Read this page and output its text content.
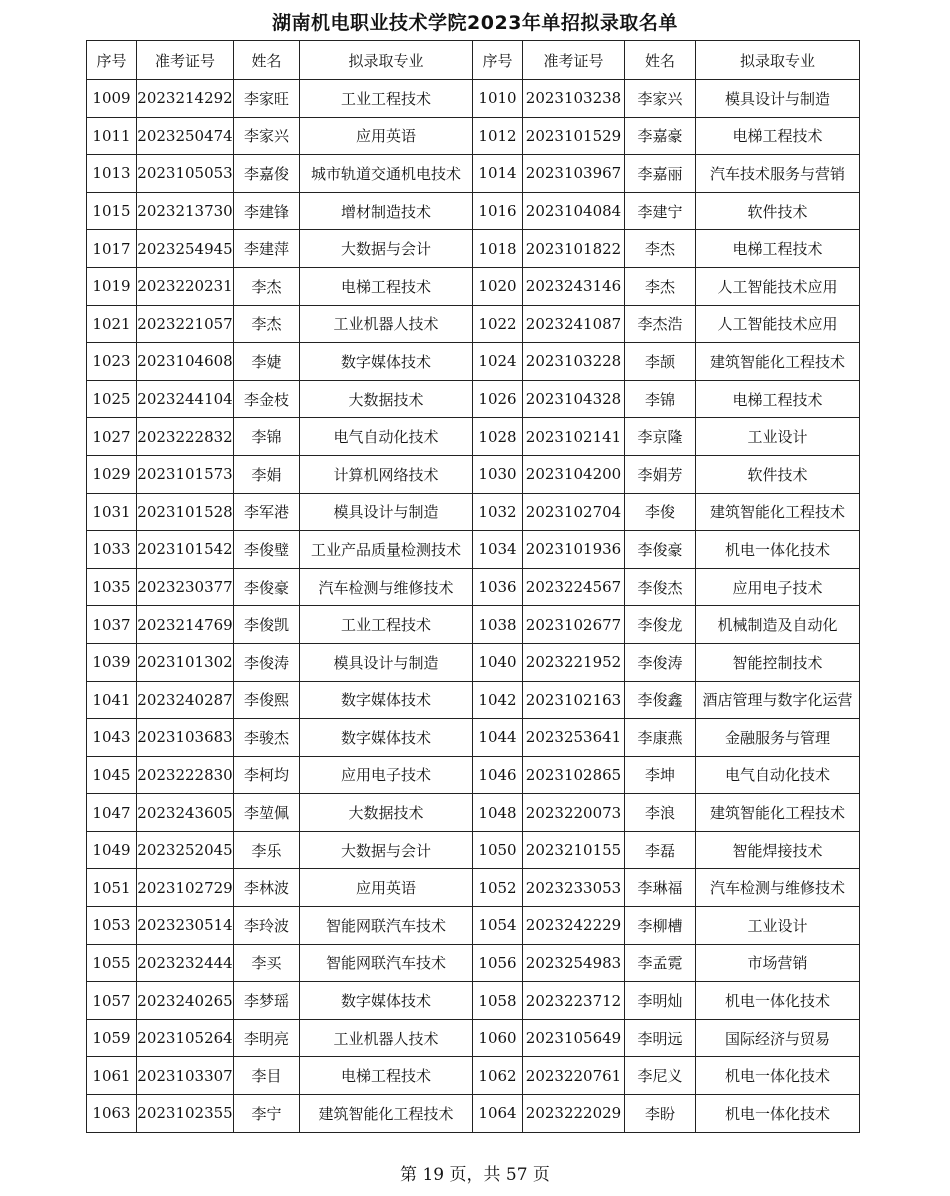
湖南机电职业技术学院2023年单招拟录取名单
序号	准考证号	姓名	拟录取专业	序号	准考证号	姓名	拟录取专业
1009	2023214292	李家旺	工业工程技术	1010	2023103238	李家兴	模具设计与制造
1011	2023250474	李家兴	应用英语	1012	2023101529	李嘉豪	电梯工程技术
1013	2023105053	李嘉俊	城市轨道交通机电技术	1014	2023103967	李嘉丽	汽车技术服务与营销
1015	2023213730	李建锋	增材制造技术	1016	2023104084	李建宁	软件技术
1017	2023254945	李建萍	大数据与会计	1018	2023101822	李杰	电梯工程技术
1019	2023220231	李杰	电梯工程技术	1020	2023243146	李杰	人工智能技术应用
1021	2023221057	李杰	工业机器人技术	1022	2023241087	李杰浩	人工智能技术应用
1023	2023104608	李婕	数字媒体技术	1024	2023103228	李颉	建筑智能化工程技术
1025	2023244104	李金枝	大数据技术	1026	2023104328	李锦	电梯工程技术
1027	2023222832	李锦	电气自动化技术	1028	2023102141	李京隆	工业设计
1029	2023101573	李娟	计算机网络技术	1030	2023104200	李娟芳	软件技术
1031	2023101528	李军港	模具设计与制造	1032	2023102704	李俊	建筑智能化工程技术
1033	2023101542	李俊璧	工业产品质量检测技术	1034	2023101936	李俊豪	机电一体化技术
1035	2023230377	李俊豪	汽车检测与维修技术	1036	2023224567	李俊杰	应用电子技术
1037	2023214769	李俊凯	工业工程技术	1038	2023102677	李俊龙	机械制造及自动化
1039	2023101302	李俊涛	模具设计与制造	1040	2023221952	李俊涛	智能控制技术
1041	2023240287	李俊熙	数字媒体技术	1042	2023102163	李俊鑫	酒店管理与数字化运营
1043	2023103683	李骏杰	数字媒体技术	1044	2023253641	李康燕	金融服务与管理
1045	2023222830	李柯均	应用电子技术	1046	2023102865	李坤	电气自动化技术
1047	2023243605	李堃佩	大数据技术	1048	2023220073	李浪	建筑智能化工程技术
1049	2023252045	李乐	大数据与会计	1050	2023210155	李磊	智能焊接技术
1051	2023102729	李林波	应用英语	1052	2023233053	李琳福	汽车检测与维修技术
1053	2023230514	李玲波	智能网联汽车技术	1054	2023242229	李柳槽	工业设计
1055	2023232444	李买	智能网联汽车技术	1056	2023254983	李孟霓	市场营销
1057	2023240265	李梦瑶	数字媒体技术	1058	2023223712	李明灿	机电一体化技术
1059	2023105264	李明亮	工业机器人技术	1060	2023105649	李明远	国际经济与贸易
1061	2023103307	李目	电梯工程技术	1062	2023220761	李尼义	机电一体化技术
1063	2023102355	李宁	建筑智能化工程技术	1064	2023222029	李盼	机电一体化技术
第 19 页，共 57 页
